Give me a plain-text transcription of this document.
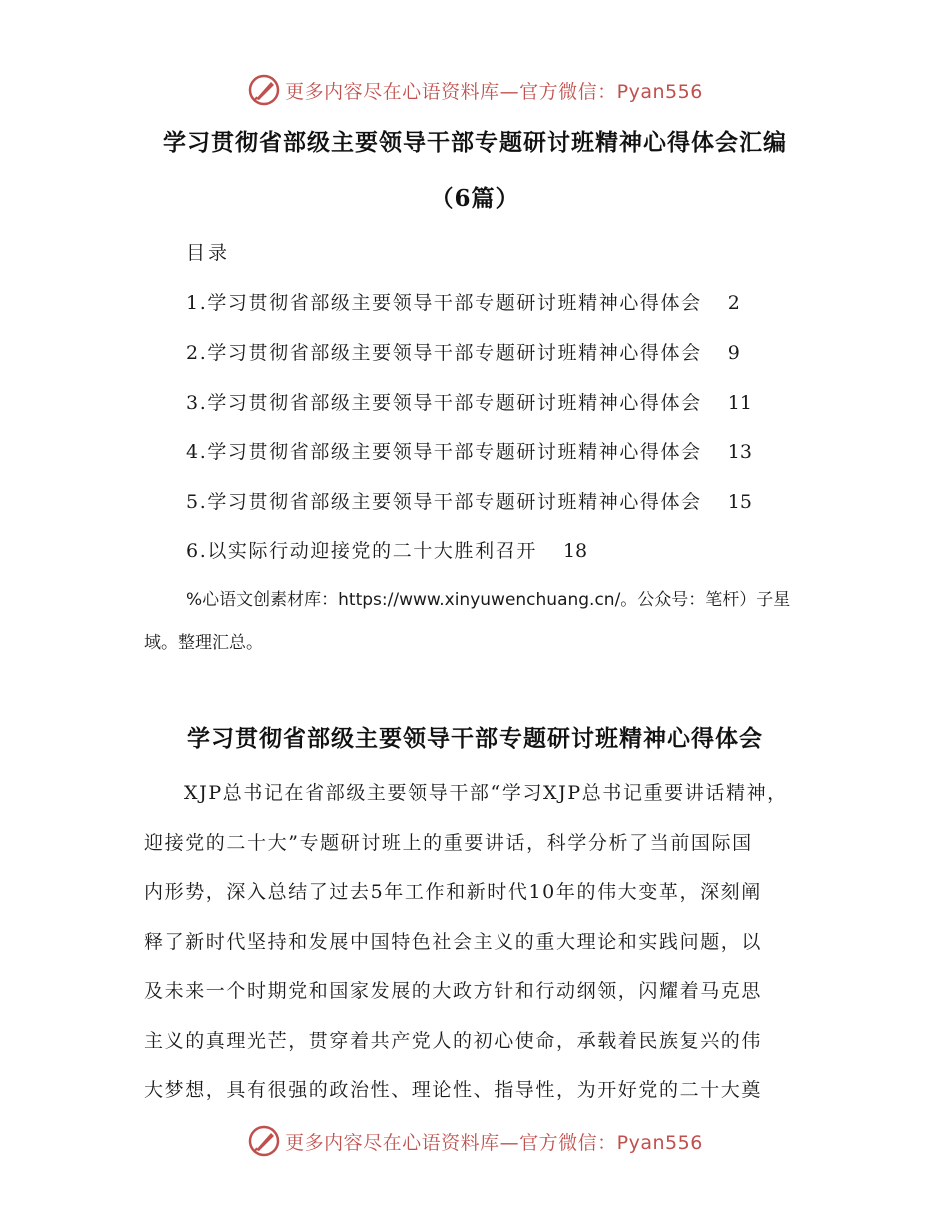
更多内容尽在心语资料库—官方微信：Pyan556
学习贯彻省部级主要领导干部专题研讨班精神心得体会汇编
（6篇）
目录
1.学习贯彻省部级主要领导干部专题研讨班精神心得体会 2
2.学习贯彻省部级主要领导干部专题研讨班精神心得体会 9
3.学习贯彻省部级主要领导干部专题研讨班精神心得体会 11
4.学习贯彻省部级主要领导干部专题研讨班精神心得体会 13
5.学习贯彻省部级主要领导干部专题研讨班精神心得体会 15
6.以实际行动迎接党的二十大胜利召开 18
%心语文创素材库：https://www.xinyuwenchuang.cn/。公众号：笔杆）子星
域。整理汇总。
学习贯彻省部级主要领导干部专题研讨班精神心得体会
XJP总书记在省部级主要领导干部“学习XJP总书记重要讲话精神，
迎接党的二十大”专题研讨班上的重要讲话，科学分析了当前国际国
内形势，深入总结了过去5年工作和新时代10年的伟大变革，深刻阐
释了新时代坚持和发展中国特色社会主义的重大理论和实践问题，以
及未来一个时期党和国家发展的大政方针和行动纲领，闪耀着马克思
主义的真理光芒，贯穿着共产党人的初心使命，承载着民族复兴的伟
大梦想，具有很强的政治性、理论性、指导性，为开好党的二十大奠
更多内容尽在心语资料库—官方微信：Pyan556
